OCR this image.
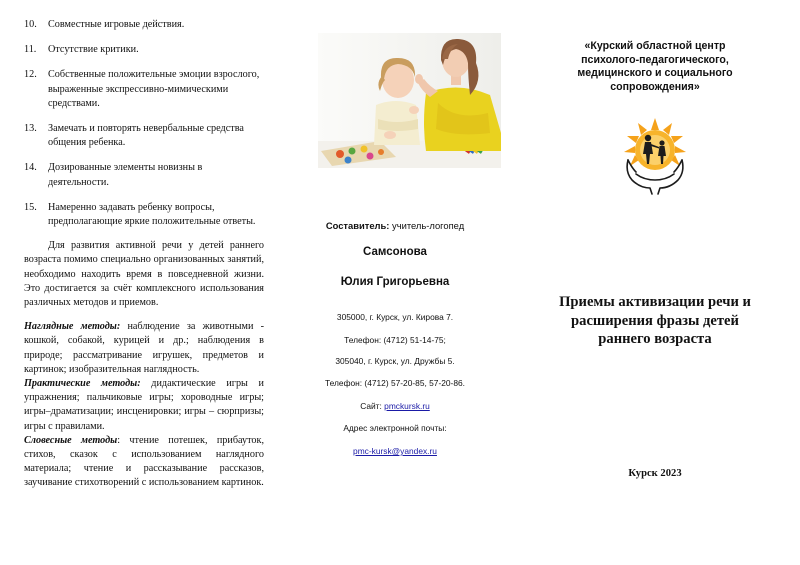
10.	Совместные игровые действия.
11.	Отсутствие критики.
12.	Собственные положительные эмоции взрослого, выраженные экспрессивно-мимическими средствами.
13.	Замечать и повторять невербальные средства общения ребенка.
14.	Дозированные элементы новизны в деятельности.
15.	Намеренно задавать ребенку вопросы, предполагающие яркие положительные ответы.

Для развития активной речи у детей раннего возраста помимо специально организованных занятий, необходимо находить время в повседневной жизни. Это достигается за счёт комплексного использования различных методов и приемов.

Наглядные методы: наблюдение за животными - кошкой, собакой, курицей и др.; наблюдения в природе; рассматривание игрушек, предметов и картинок; изобразительная наглядность.

Практические методы: дидактические игры и упражнения; пальчиковые игры; хороводные игры; игры–драматизации; инсценировки; игры – сюрпризы; игры с правилами.

Словесные методы: чтение потешек, прибауток, стихов, сказок с использованием наглядного материала; чтение и рассказывание рассказов, заучивание стихотворений с использованием картинок.

Составитель: учитель-логопед
Самсонова
Юлия Григорьевна
305000, г. Курск, ул. Кирова 7.
Телефон: (4712) 51-14-75;
305040, г. Курск, ул. Дружбы 5.
Телефон: (4712) 57-20-85, 57-20-86.
Сайт: pmckursk.ru
Адрес электронной почты:
pmc-kursk@yandex.ru
«Курский областной центр
психолого-педагогического,
медицинского и социального
сопровождения»
Приемы активизации речи и
расширения фразы детей
раннего возраста
Курск 2023
